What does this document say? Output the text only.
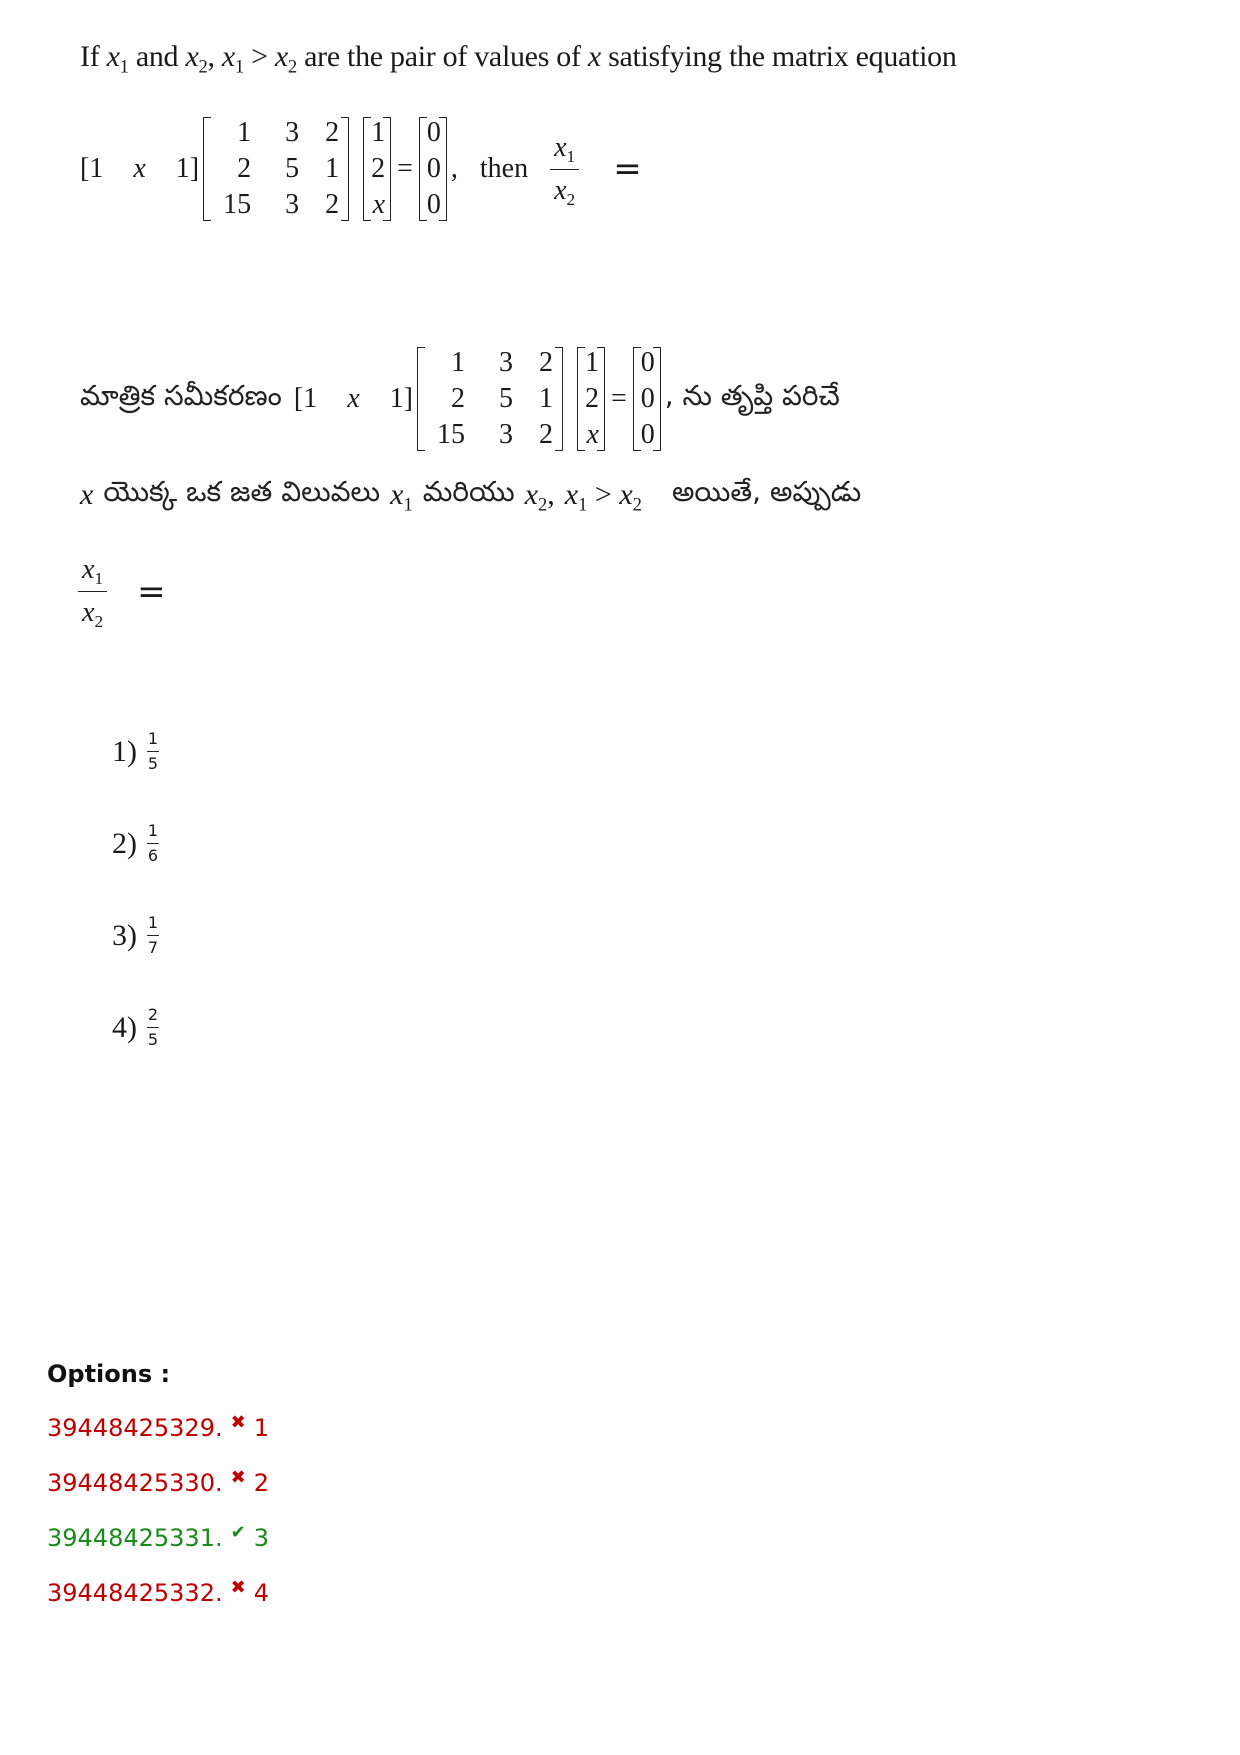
If $x_1$ and $x_2$, $x_1 > x_2$ are the pair of values of x satisfying the matrix equation
[1 x 1]
1	3 2
2	5 1
15	3 2
1
2
x
=
0
0
0
, then $\frac{x_1}{x_2}$ =
మాత్రిక సమీకరణం [1 x 1]
1	3 2
2	5 1
15	3 2
1
2
x
=
0
0
0
, ను తృప్తి పరిచే
x యొక్క ఒక జత విలువలు $x_1$ మరియు $x_2$, $x_1 > x_2$ అయితే, అప్పుడు
$\frac{x_1}{x_2}$ =
1) 1
5
2) 1
6
3) 1
7
4) 2
5
Options :
39448425329. ✖ 1
39448425330. ✖ 2
39448425331. ✔ 3
39448425332. ✖ 4
